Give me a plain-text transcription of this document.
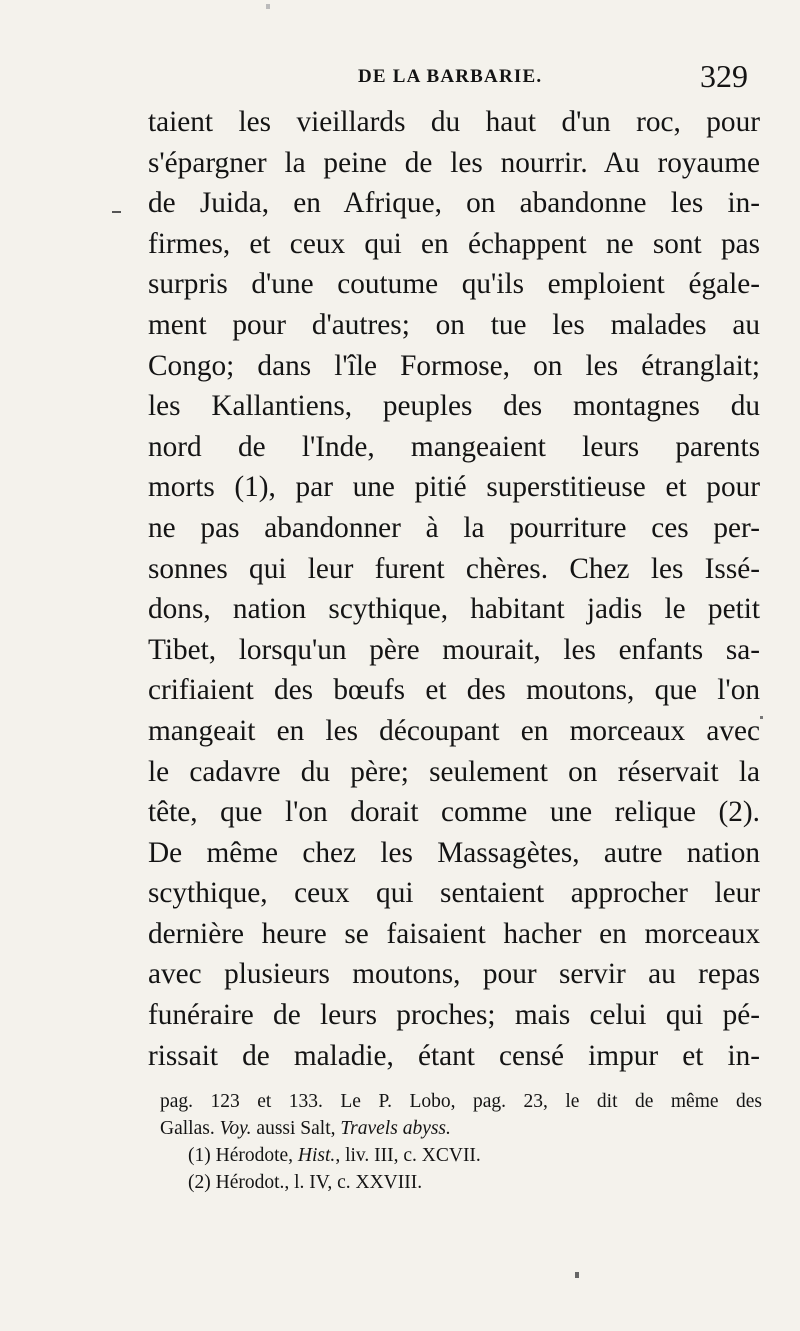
DE LA BARBARIE.	329
taient les vieillards du haut d'un roc, pour
s'épargner la peine de les nourrir. Au royaume
de Juida, en Afrique, on abandonne les in-
firmes, et ceux qui en échappent ne sont pas
surpris d'une coutume qu'ils emploient égale-
ment pour d'autres; on tue les malades au
Congo; dans l'île Formose, on les étranglait;
les Kallantiens, peuples des montagnes du
nord de l'Inde, mangeaient leurs parents
morts (1), par une pitié superstitieuse et pour
ne pas abandonner à la pourriture ces per-
sonnes qui leur furent chères. Chez les Issé-
dons, nation scythique, habitant jadis le petit
Tibet, lorsqu'un père mourait, les enfants sa-
crifiaient des bœufs et des moutons, que l'on
mangeait en les découpant en morceaux avec
le cadavre du père; seulement on réservait la
tête, que l'on dorait comme une relique (2).
De même chez les Massagètes, autre nation
scythique, ceux qui sentaient approcher leur
dernière heure se faisaient hacher en morceaux
avec plusieurs moutons, pour servir au repas
funéraire de leurs proches; mais celui qui pé-
rissait de maladie, étant censé impur et in-
pag. 123 et 133. Le P. Lobo, pag. 23, le dit de même des
Gallas. Voy. aussi Salt, Travels abyss.
(1) Hérodote, Hist., liv. III, c. XCVII.
(2) Hérodot., l. IV, c. XXVIII.
